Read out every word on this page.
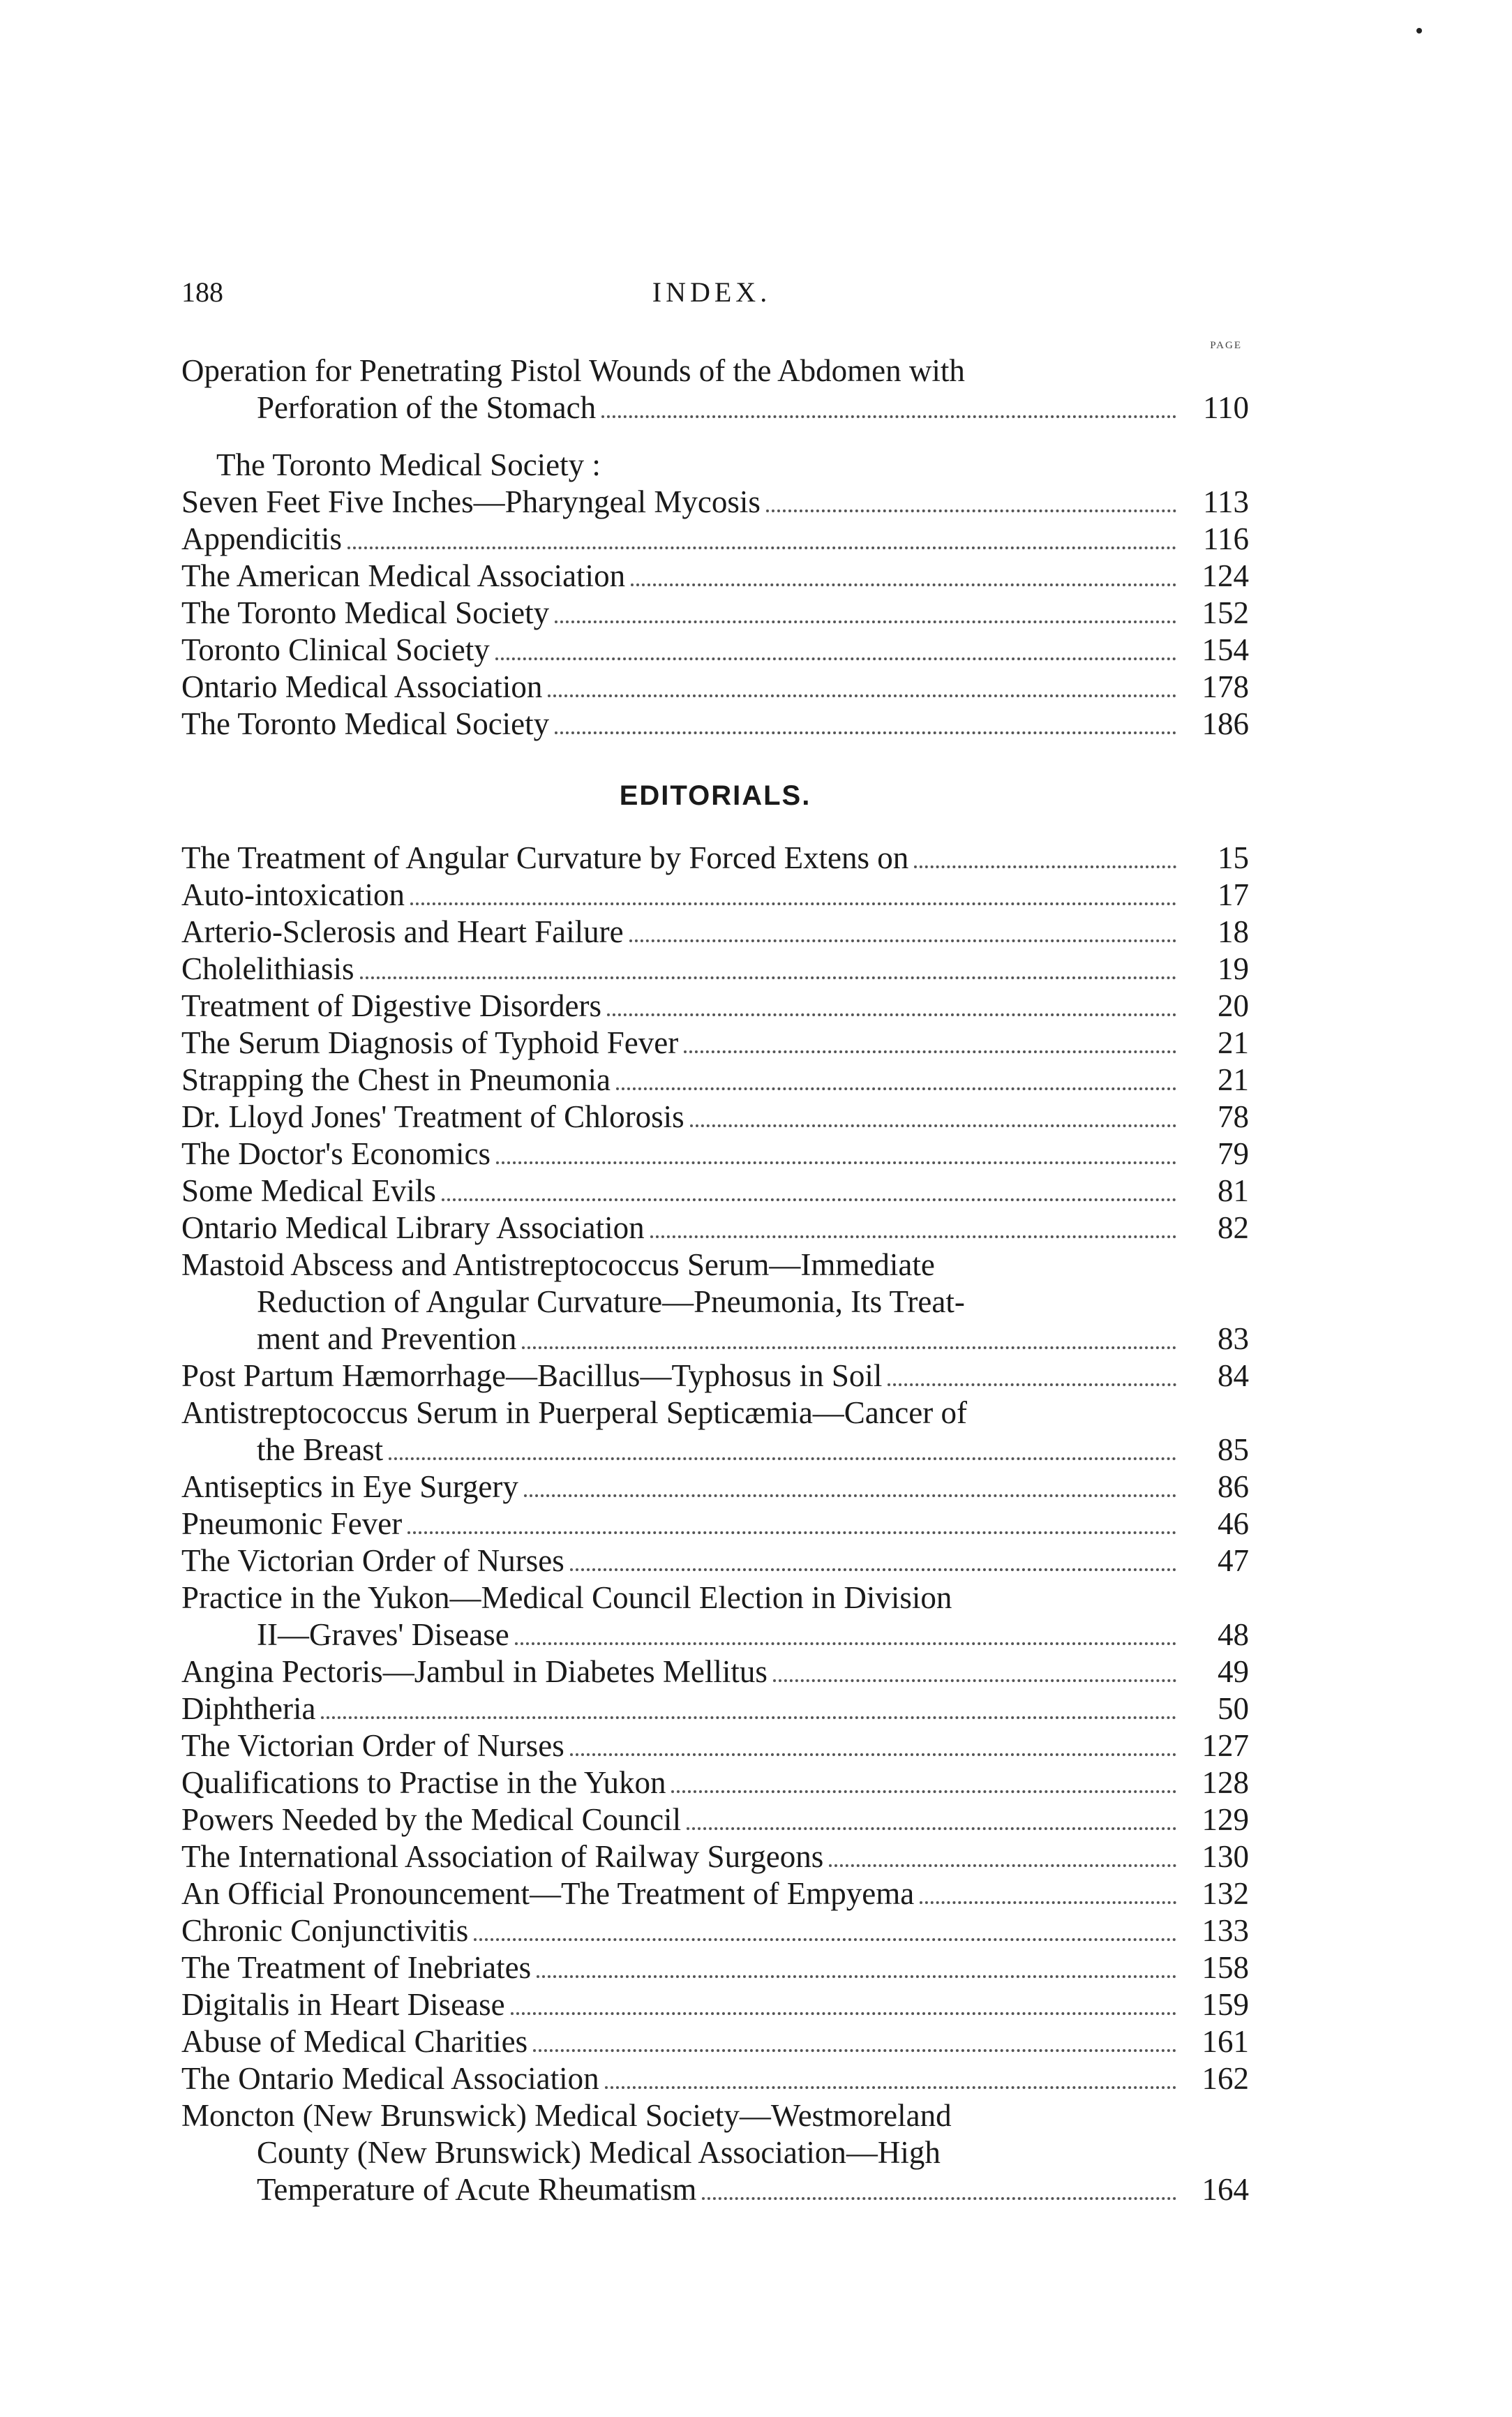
188	INDEX.
PAGE
Operation for Penetrating Pistol Wounds of the Abdomen with
Perforation of the Stomach	110
The Toronto Medical Society :
Seven Feet Five Inches—Pharyngeal Mycosis	113
Appendicitis	116
The American Medical Association	124
The Toronto Medical Society	152
Toronto Clinical Society	154
Ontario Medical Association	178
The Toronto Medical Society	186
EDITORIALS.
The Treatment of Angular Curvature by Forced Extens on	15
Auto-intoxication	17
Arterio-Sclerosis and Heart Failure	18
Cholelithiasis	19
Treatment of Digestive Disorders	20
The Serum Diagnosis of Typhoid Fever	21
Strapping the Chest in Pneumonia	21
Dr. Lloyd Jones' Treatment of Chlorosis	78
The Doctor's Economics	79
Some Medical Evils	81
Ontario Medical Library Association	82
Mastoid Abscess and Antistreptococcus Serum—Immediate
Reduction of Angular Curvature—Pneumonia, Its Treat-
ment and Prevention	83
Post Partum Hæmorrhage—Bacillus—Typhosus in Soil	84
Antistreptococcus Serum in Puerperal Septicæmia—Cancer of
the Breast	85
Antiseptics in Eye Surgery	86
Pneumonic Fever	46
The Victorian Order of Nurses	47
Practice in the Yukon—Medical Council Election in Division
II—Graves' Disease	48
Angina Pectoris—Jambul in Diabetes Mellitus	49
Diphtheria	50
The Victorian Order of Nurses	127
Qualifications to Practise in the Yukon	128
Powers Needed by the Medical Council	129
The International Association of Railway Surgeons	130
An Official Pronouncement—The Treatment of Empyema	132
Chronic Conjunctivitis	133
The Treatment of Inebriates	158
Digitalis in Heart Disease	159
Abuse of Medical Charities	161
The Ontario Medical Association	162
Moncton (New Brunswick) Medical Society—Westmoreland
County (New Brunswick) Medical Association—High
Temperature of Acute Rheumatism	164
